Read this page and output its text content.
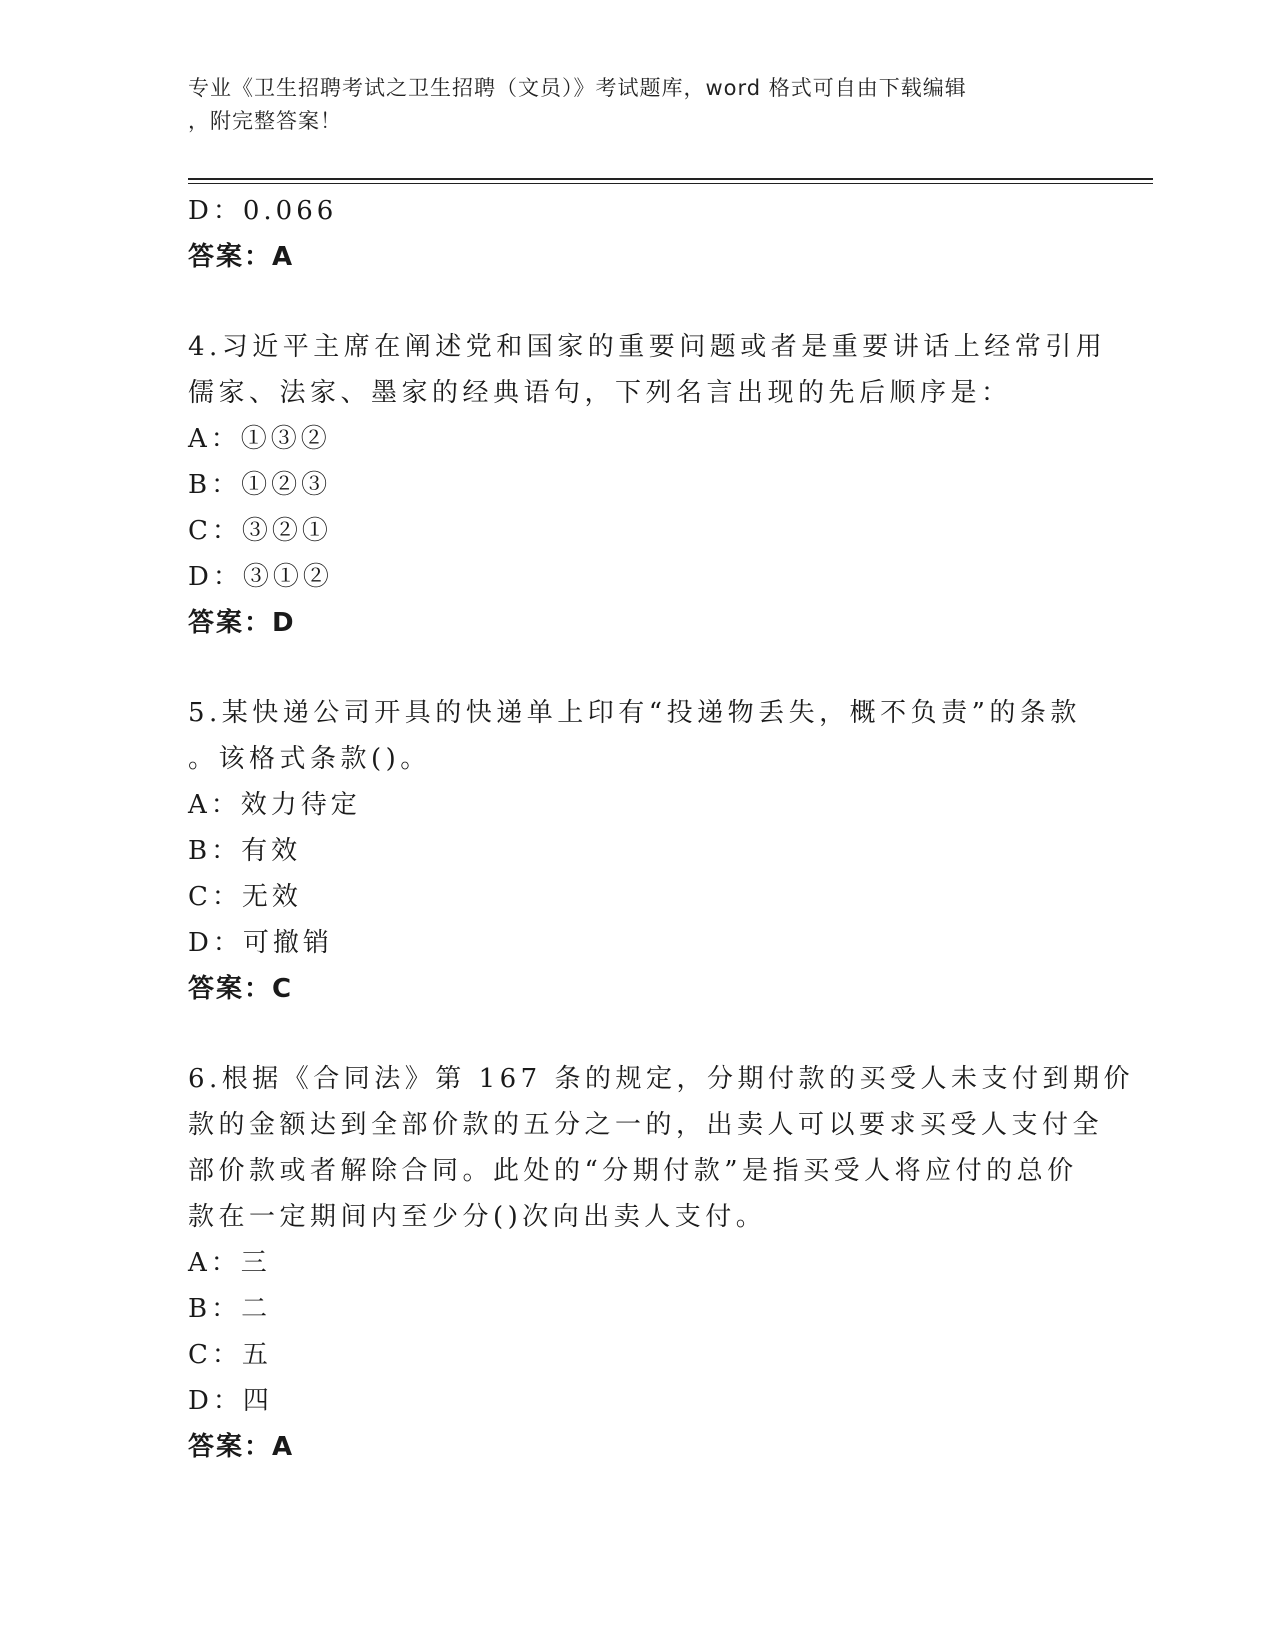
专业《卫生招聘考试之卫生招聘（文员）》考试题库，word 格式可自由下载编辑
，附完整答案！
D：0.066
答案：A
4.习近平主席在阐述党和国家的重要问题或者是重要讲话上经常引用
儒家、法家、墨家的经典语句，下列名言出现的先后顺序是：
A：①③②
B：①②③
C：③②①
D：③①②
答案：D
5.某快递公司开具的快递单上印有“投递物丢失，概不负责”的条款
。该格式条款()。
A：效力待定
B：有效
C：无效
D：可撤销
答案：C
6.根据《合同法》第 167 条的规定，分期付款的买受人未支付到期价
款的金额达到全部价款的五分之一的，出卖人可以要求买受人支付全
部价款或者解除合同。此处的“分期付款”是指买受人将应付的总价
款在一定期间内至少分()次向出卖人支付。
A：三
B：二
C：五
D：四
答案：A
